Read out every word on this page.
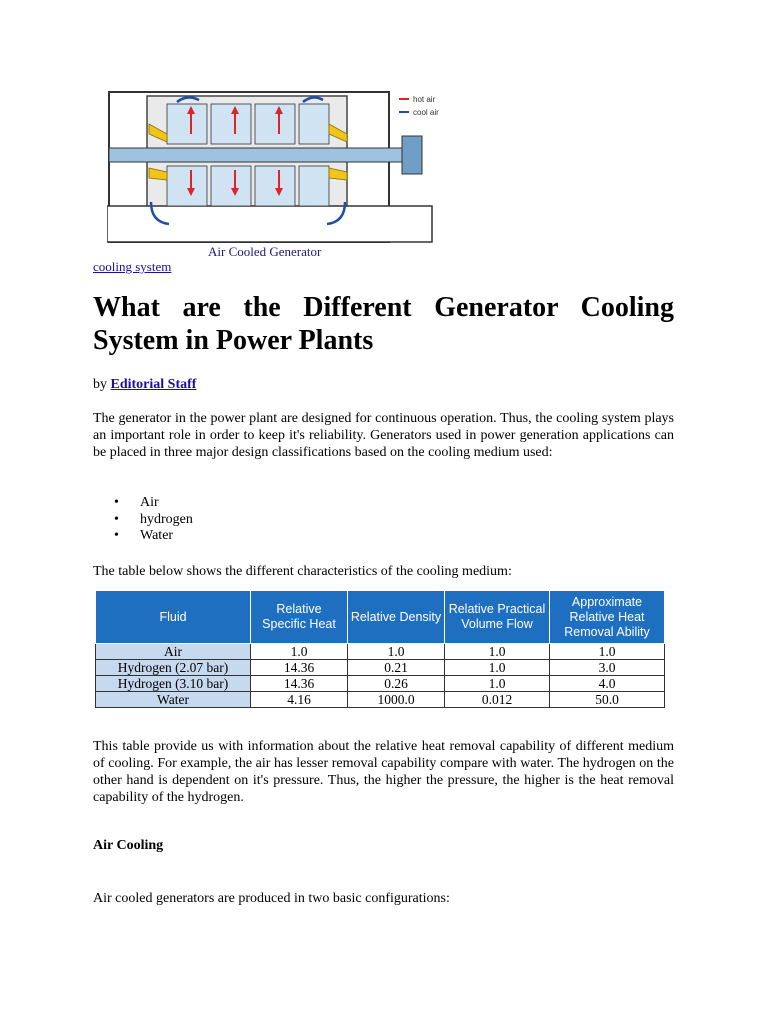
hot air
cool air
Air Cooled Generator
cooling system
What are the Different Generator Cooling System in Power Plants
by Editorial Staff

The generator in the power plant are designed for continuous operation. Thus, the cooling system plays an important role in order to keep it's reliability. Generators used in power generation applications can be placed in three major design classifications based on the cooling medium used:

• Air
• hydrogen
• Water

The table below shows the different characteristics of the cooling medium:

Fluid	Relative Specific Heat	Relative Density	Relative Practical Volume Flow	Approximate Relative Heat Removal Ability
Air	1.0	1.0	1.0	1.0
Hydrogen (2.07 bar)	14.36	0.21	1.0	3.0
Hydrogen (3.10 bar)	14.36	0.26	1.0	4.0
Water	4.16	1000.0	0.012	50.0

This table provide us with information about the relative heat removal capability of different medium of cooling. For example, the air has lesser removal capability compare with water. The hydrogen on the other hand is dependent on it's pressure. Thus, the higher the pressure, the higher is the heat removal capability of the hydrogen.

Air Cooling

Air cooled generators are produced in two basic configurations:
